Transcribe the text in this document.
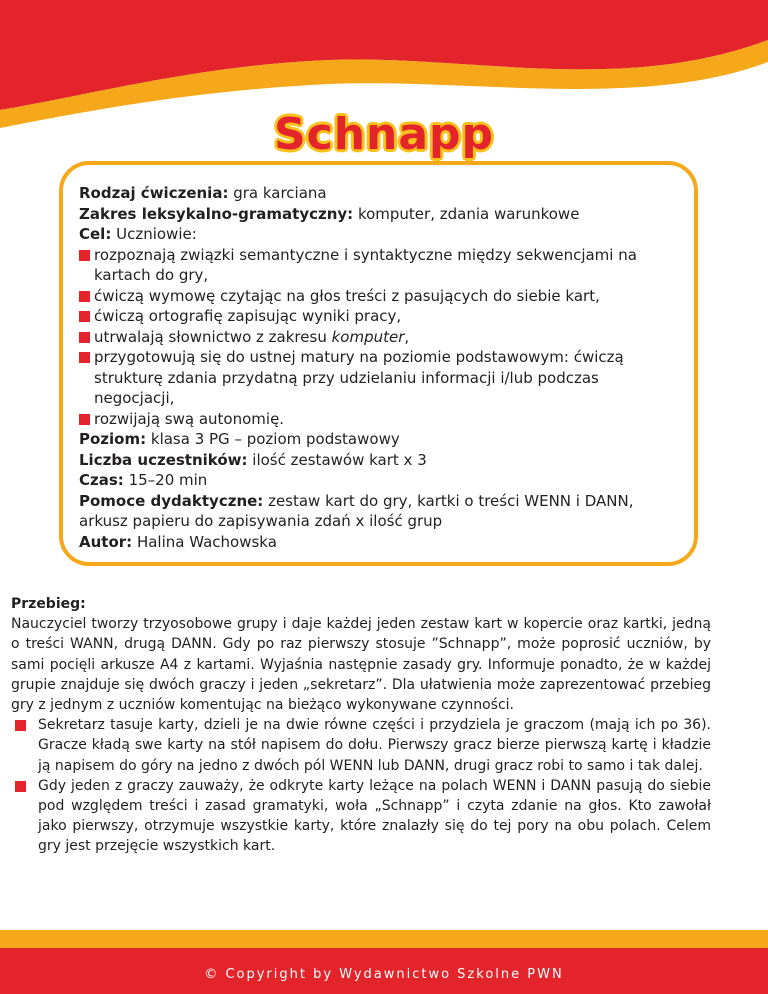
Schnapp

Rodzaj ćwiczenia: gra karciana

Zakres leksykalno-gramatyczny: komputer, zdania warunkowe

Cel: Uczniowie:

rozpoznają związki semantyczne i syntaktyczne między sekwencjami na kartach do gry,
ćwiczą wymowę czytając na głos treści z pasujących do siebie kart,
ćwiczą ortografię zapisując wyniki pracy,
utrwalają słownictwo z zakresu komputer,
przygotowują się do ustnej matury na poziomie podstawowym: ćwiczą strukturę zdania przydatną przy udzielaniu informacji i/lub podczas negocjacji,
rozwijają swą autonomię.

Poziom: klasa 3 PG – poziom podstawowy

Liczba uczestników: ilość zestawów kart x 3

Czas: 15–20 min

Pomoce dydaktyczne: zestaw kart do gry, kartki o treści WENN i DANN,

arkusz papieru do zapisywania zdań x ilość grup

Autor: Halina Wachowska

Przebieg:

Nauczyciel tworzy trzyosobowe grupy i daje każdej jeden zestaw kart w kopercie oraz kartki, jedną o treści WANN, drugą DANN. Gdy po raz pierwszy stosuje ”Schnapp”, może poprosić uczniów, by sami pocięli arkusze A4 z kartami. Wyjaśnia następnie zasady gry. Informuje ponadto, że w każdej grupie znajduje się dwóch graczy i jeden „sekretarz”. Dla ułatwienia może zaprezentować przebieg gry z jednym z uczniów komentując na bieżąco wykonywane czynności.

Sekretarz tasuje karty, dzieli je na dwie równe części i przydziela je graczom (mają ich po 36). Gracze kładą swe karty na stół napisem do dołu. Pierwszy gracz bierze pierwszą kartę i kładzie ją napisem do góry na jedno z dwóch pól WENN lub DANN, drugi gracz robi to samo i tak dalej.

Gdy jeden z graczy zauważy, że odkryte karty leżące na polach WENN i DANN pasują do siebie pod względem treści i zasad gramatyki, woła „Schnapp” i czyta zdanie na głos. Kto zawołał jako pierwszy, otrzymuje wszystkie karty, które znalazły się do tej pory na obu polach. Celem gry jest przejęcie wszystkich kart.

© Copyright by Wydawnictwo Szkolne PWN
